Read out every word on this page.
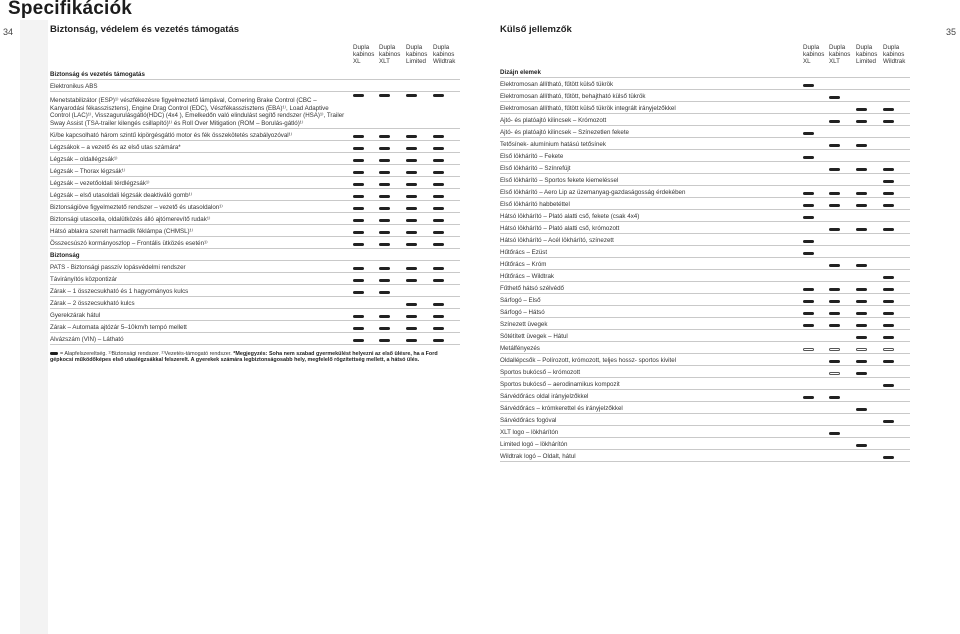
Specifikációk
34	35
Biztonság, védelem és vezetés támogatás
Dupla
kabinos
XL
Dupla
kabinos
XLT
Dupla
kabinos
Limited
Dupla
kabinos
Wildtrak
Biztonság és vezetés támogatás
Elektronikus ABS
Menetstabilizátor (ESP)¹⁾ vészfékezésre figyelmeztető lámpával, Cornering Brake Control (CBC – Kanyarodási fékasszisztens), Engine Drag Control (EDC), Vészfékasszisztens (EBA)¹⁾, Load Adaptive Control (LAC)¹⁾, Visszagurulásgátló(HDC) (4x4 ), Emelkedőn való elindulást segítő rendszer (HSA)¹⁾, Trailer Sway Assist (TSA-trailer kilengés csillapító)¹⁾ és Roll Over Mitigation (ROM – Borulás-gátló)¹⁾
Ki/be kapcsolható három szintű kipörgésgátló motor és fék összekötetés szabályozóval¹⁾
Légzsákok – a vezető és az első utas számára*
Légzsák – oldallégzsák¹⁾
Légzsák – Thorax légzsák¹⁾
Légzsák – vezetőoldali térdlégzsák¹⁾
Légzsák – első utasoldali légzsák deaktiváló gomb¹⁾
Biztonságiöve figyelmeztető rendszer – vezető és utasoldalon¹⁾
Biztonsági utascella, oldalütközés álló ajtómerevítő rudak¹⁾
Hátsó ablakra szerelt harmadik féklámpa (CHMSL)¹⁾
Összecsúszó kormányoszlop – Frontális ütközés esetén¹⁾
Biztonság
PATS - Biztonsági passzív lopásvédelmi rendszer
Távirányítós központizár
Zárak – 1 összecsukható és 1 hagyományos kulcs
Zárak – 2 összecsukható kulcs
Gyerekzárak hátul
Zárak – Automata ajtózár 5–10km/h tempó mellett
Alvázszám (VIN) – Látható
= Alapfelszereltség. ¹⁾Biztonsági rendszer. ²⁾Vezetés-támogató rendszer. *Megjegyzés: Soha nem szabad gyermekülést helyezni az első ülésre, ha a Ford gépkocsi működőképes első utaslégzsákkal felszerelt. A gyerekek számára legbiztonságosabb hely, megfelelő rögzítettség mellett, a hátsó ülés.
Külső jellemzők
Dupla
kabinos
XL
Dupla
kabinos
XLT
Dupla
kabinos
Limited
Dupla
kabinos
Wildtrak
Dizájn elemek
Elektromosan állítható, fűtött külső tükrök
Elektromosan állítható, fűtött, behajtható külső tükrök
Elektromosan állítható, fűtött külső tükrök integrált irányjelzőkkel
Ajtó- és platóajtó kilincsek – Krómozott
Ajtó- és platóajtó kilincsek – Színezetlen fekete
Tetősínek- alumínium hatású tetősínek
Első lökhárító – Fekete
Első lökhárító – Színrefújt
Első lökhárító – Sportos fekete kiemeléssel
Első lökhárító – Aero Lip az üzemanyag-gazdaságosság érdekében
Első lökhárító habbetéttel
Hátsó lökhárító – Plató alatti cső, fekete (csak 4x4)
Hátsó lökhárító – Plató alatti cső, krómozott
Hátsó lökhárító – Acél lökhárító, színezett
Hűtőrács – Ezüst
Hűtőrács – Króm
Hűtőrács – Wildtrak
Fűthető hátsó szélvédő
Sárfogó – Első
Sárfogó – Hátsó
Színezett üvegek
Sötétített üvegek – Hátul
Metálfényezés
Oldallépcsők – Polírozott, krómozott, teljes hossz- sportos kivitel
Sportos bukócső – krómozott
Sportos bukócső – aerodinamikus kompozit
Sárvédőrács oldal irányjelzőkkel
Sárvédőrács – krómkerettel és irányjelzőkkel
Sárvédőrács fogóval
XLT logo – lökhárítón
Limited logó – lökhárítón
Wildtrak logó – Oldalt, hátul
